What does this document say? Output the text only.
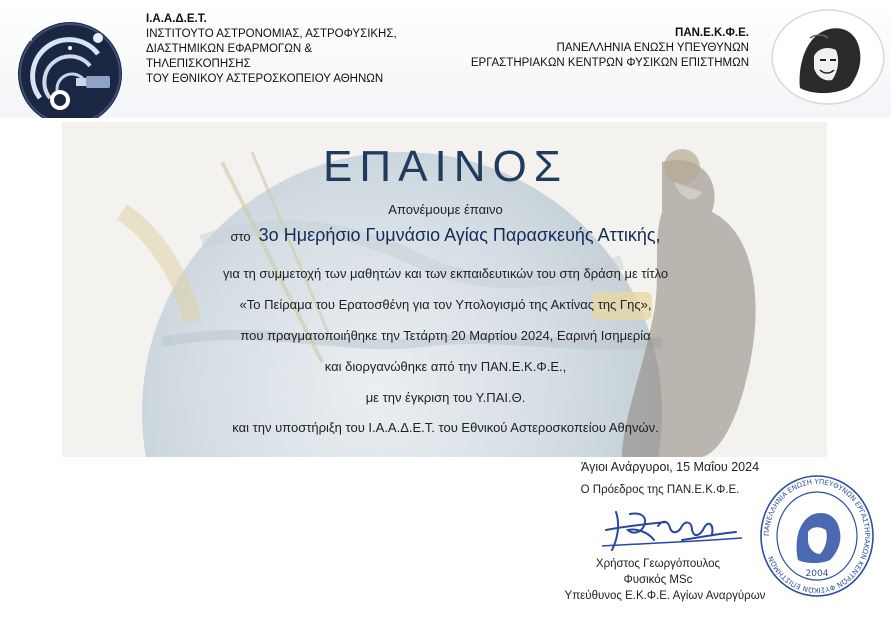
Ι.Α.Α.Δ.Ε.Τ.
ΙΝΣΤΙΤΟΥΤΟ ΑΣΤΡΟΝΟΜΙΑΣ, ΑΣΤΡΟΦΥΣΙΚΗΣ,
ΔΙΑΣΤΗΜΙΚΩΝ ΕΦΑΡΜΟΓΩΝ &
ΤΗΛΕΠΙΣΚΟΠΗΣΗΣ
ΤΟΥ ΕΘΝΙΚΟΥ ΑΣΤΕΡΟΣΚΟΠΕΙΟΥ ΑΘΗΝΩΝ
ΠΑΝ.Ε.Κ.Φ.Ε.
ΠΑΝΕΛΛΗΝΙΑ ΕΝΩΣΗ ΥΠΕΥΘΥΝΩΝ
ΕΡΓΑΣΤΗΡΙΑΚΩΝ ΚΕΝΤΡΩΝ ΦΥΣΙΚΩΝ ΕΠΙΣΤΗΜΩΝ
ΕΠΑΙΝΟΣ
Απονέμουμε έπαινο
στο 3ο Ημερήσιο Γυμνάσιο Αγίας Παρασκευής Αττικής,
για τη συμμετοχή των μαθητών και των εκπαιδευτικών του στη δράση με τίτλο
«Το Πείραμα του Ερατοσθένη για τον Υπολογισμό της Ακτίνας της Γης»,
που πραγματοποιήθηκε την Τετάρτη 20 Μαρτίου 2024, Εαρινή Ισημερία
και διοργανώθηκε από την ΠΑΝ.Ε.Κ.Φ.Ε.,
με την έγκριση του Υ.ΠΑΙ.Θ.
και την υποστήριξη του Ι.Α.Α.Δ.Ε.Τ. του Εθνικού Αστεροσκοπείου Αθηνών.
Άγιοι Ανάργυροι, 15 Μαΐου 2024
Ο Πρόεδρος της ΠΑΝ.Ε.Κ.Φ.Ε.
ΠΑΝΕΛΛΗΝΙΑ ΕΝΩΣΗ ΥΠΕΥΘΥΝΩΝ ΕΡΓΑΣΤΗΡΙΑΚΩΝ ΚΕΝΤΡΩΝ ΦΥΣΙΚΩΝ ΕΠΙΣΤΗΜΩΝ
2004
Χρήστος Γεωργόπουλος
Φυσικός MSc
Υπεύθυνος Ε.Κ.Φ.Ε. Αγίων Αναργύρων
